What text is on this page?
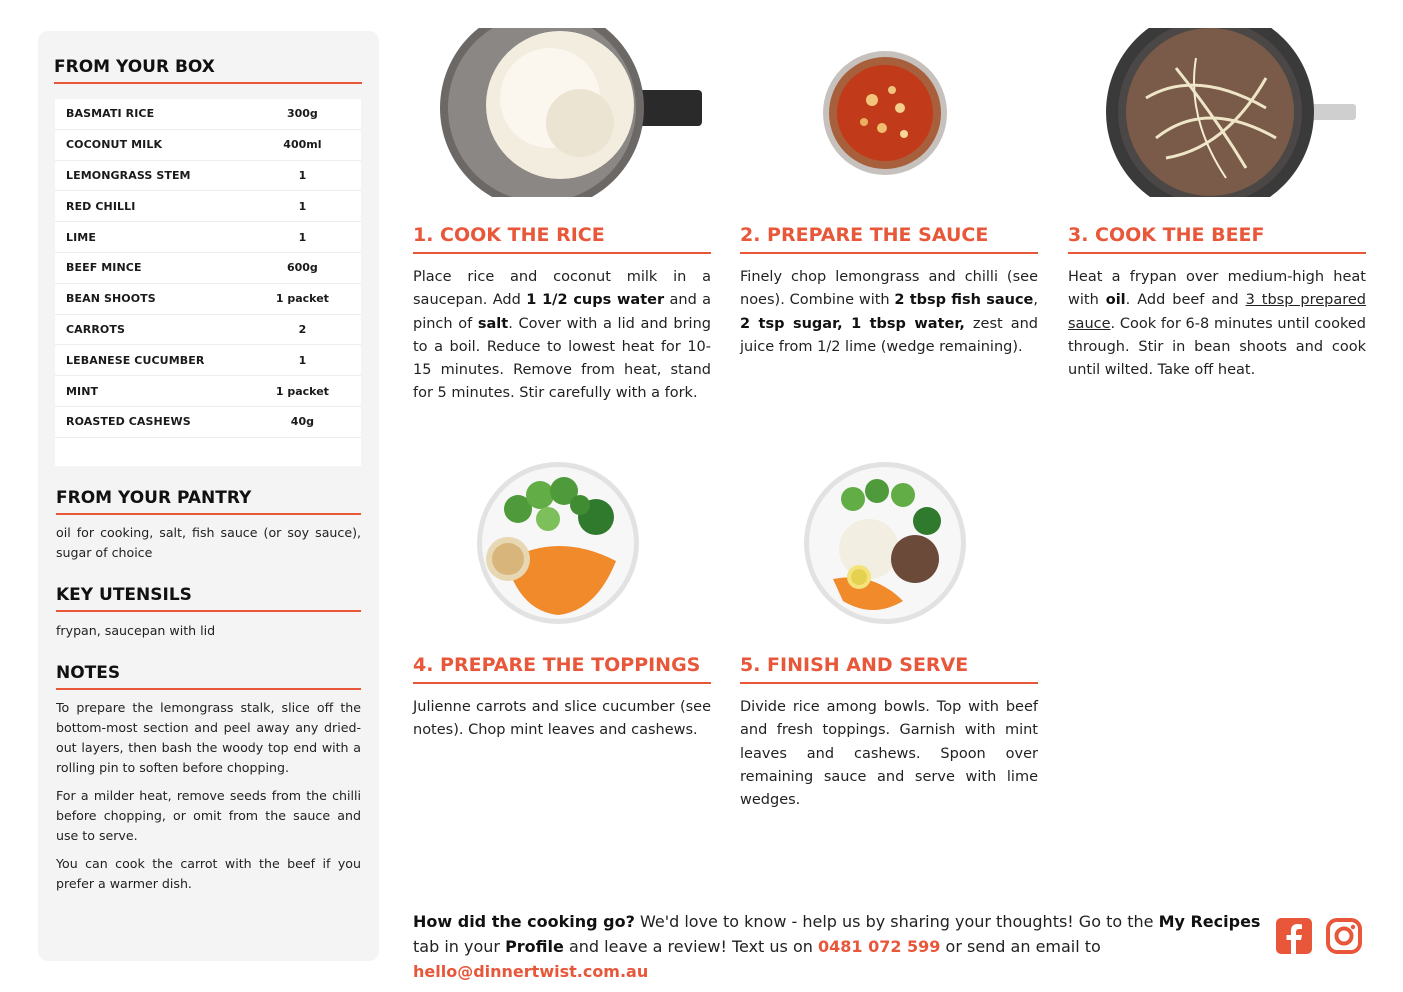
FROM YOUR BOX
BASMATI RICE	300g
COCONUT MILK	400ml
LEMONGRASS STEM	1
RED CHILLI	1
LIME	1
BEEF MINCE	600g
BEAN SHOOTS	1 packet
CARROTS	2
LEBANESE CUCUMBER	1
MINT	1 packet
ROASTED CASHEWS	40g
FROM YOUR PANTRY
oil for cooking, salt, fish sauce (or soy sauce), sugar of choice
KEY UTENSILS
frypan, saucepan with lid
NOTES

To prepare the lemongrass stalk, slice off the bottom-most section and peel away any dried-out layers, then bash the woody top end with a rolling pin to soften before chopping.

For a milder heat, remove seeds from the chilli before chopping, or omit from the sauce and use to serve.

You can cook the carrot with the beef if you prefer a warmer dish.

1. COOK THE RICE
Place rice and coconut milk in a saucepan. Add 1 1/2 cups water and a pinch of salt. Cover with a lid and bring to a boil. Reduce to lowest heat for 10-15 minutes. Remove from heat, stand for 5 minutes. Stir carefully with a fork.
2. PREPARE THE SAUCE
Finely chop lemongrass and chilli (see noes). Combine with 2 tbsp fish sauce, 2 tsp sugar, 1 tbsp water, zest and juice from 1/2 lime (wedge remaining).
3. COOK THE BEEF
Heat a frypan over medium-high heat with oil. Add beef and 3 tbsp prepared sauce. Cook for 6-8 minutes until cooked through. Stir in bean shoots and cook until wilted. Take off heat.
4. PREPARE THE TOPPINGS
Julienne carrots and slice cucumber (see notes). Chop mint leaves and cashews.
5. FINISH AND SERVE
Divide rice among bowls. Top with beef and fresh toppings. Garnish with mint leaves and cashews. Spoon over remaining sauce and serve with lime wedges.
How did the cooking go? We'd love to know - help us by sharing your thoughts! Go to the My Recipes tab in your Profile and leave a review! Text us on 0481 072 599 or send an email to hello@dinnertwist.com.au
